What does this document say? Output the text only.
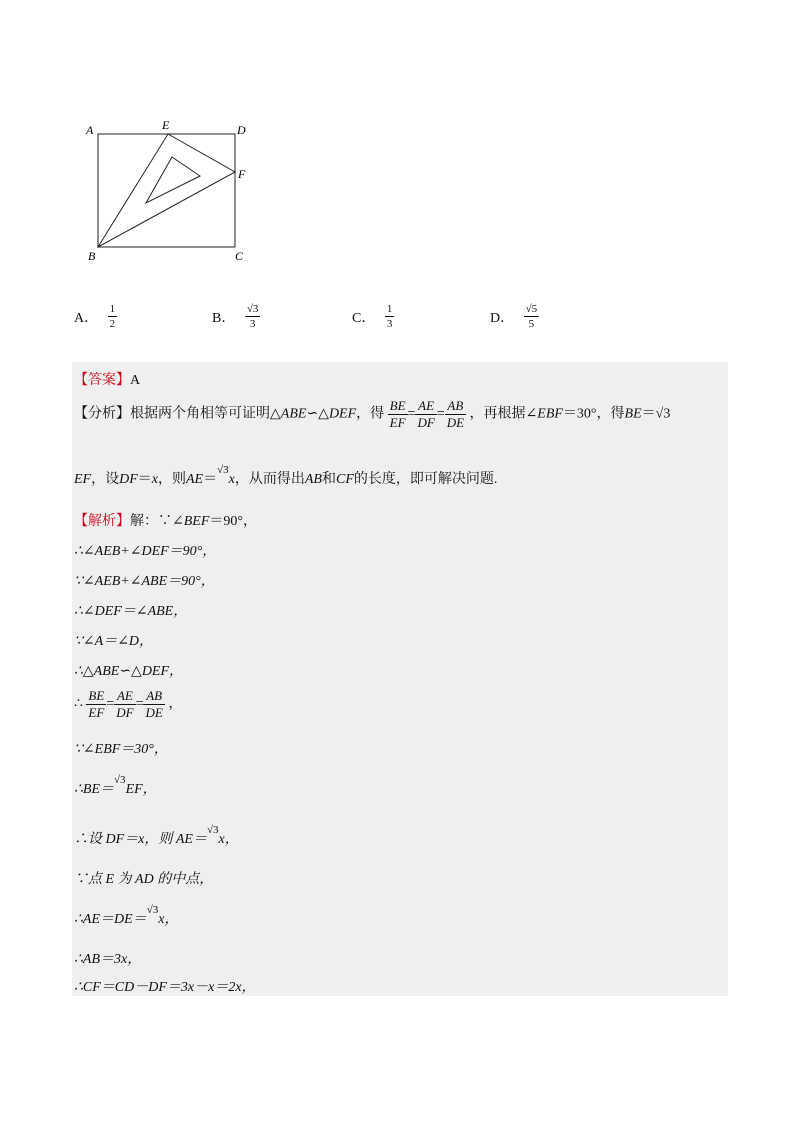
A	E	D
F
B	C
A． $\frac{1}{2}$	B． $\frac{√3}{3}$	C． $\frac{1}{3}$	D． $\frac{√5}{5}$
【答案】A
【分析】根据两个角相等可证明△ABE∽△DEF，得 $\frac{BE}{EF} = \frac{AE}{DF} = \frac{AB}{DE}$ ，再根据∠EBF＝30°，得BE＝√3
EF，设DF＝x，则AE＝$^{√3}$x，从而得出AB和CF的长度，即可解决问题.
【解析】解：∵∠BEF＝90°，
∴∠AEB+∠DEF＝90°，
∵∠AEB+∠ABE＝90°，
∴∠DEF＝∠ABE，
∵∠A＝∠D，
∴△ABE∽△DEF，
∴ $\frac{BE}{EF} = \frac{AE}{DF} = \frac{AB}{DE}$ ，
∵∠EBF＝30°，
∴BE＝$^{√3}$EF，
∴设 DF＝x，则 AE＝$^{√3}$x，
∵点 E 为 AD 的中点，
∴AE＝DE＝$^{√3}$x，
∴AB＝3x，
∴CF＝CD－DF＝3x－x＝2x，
